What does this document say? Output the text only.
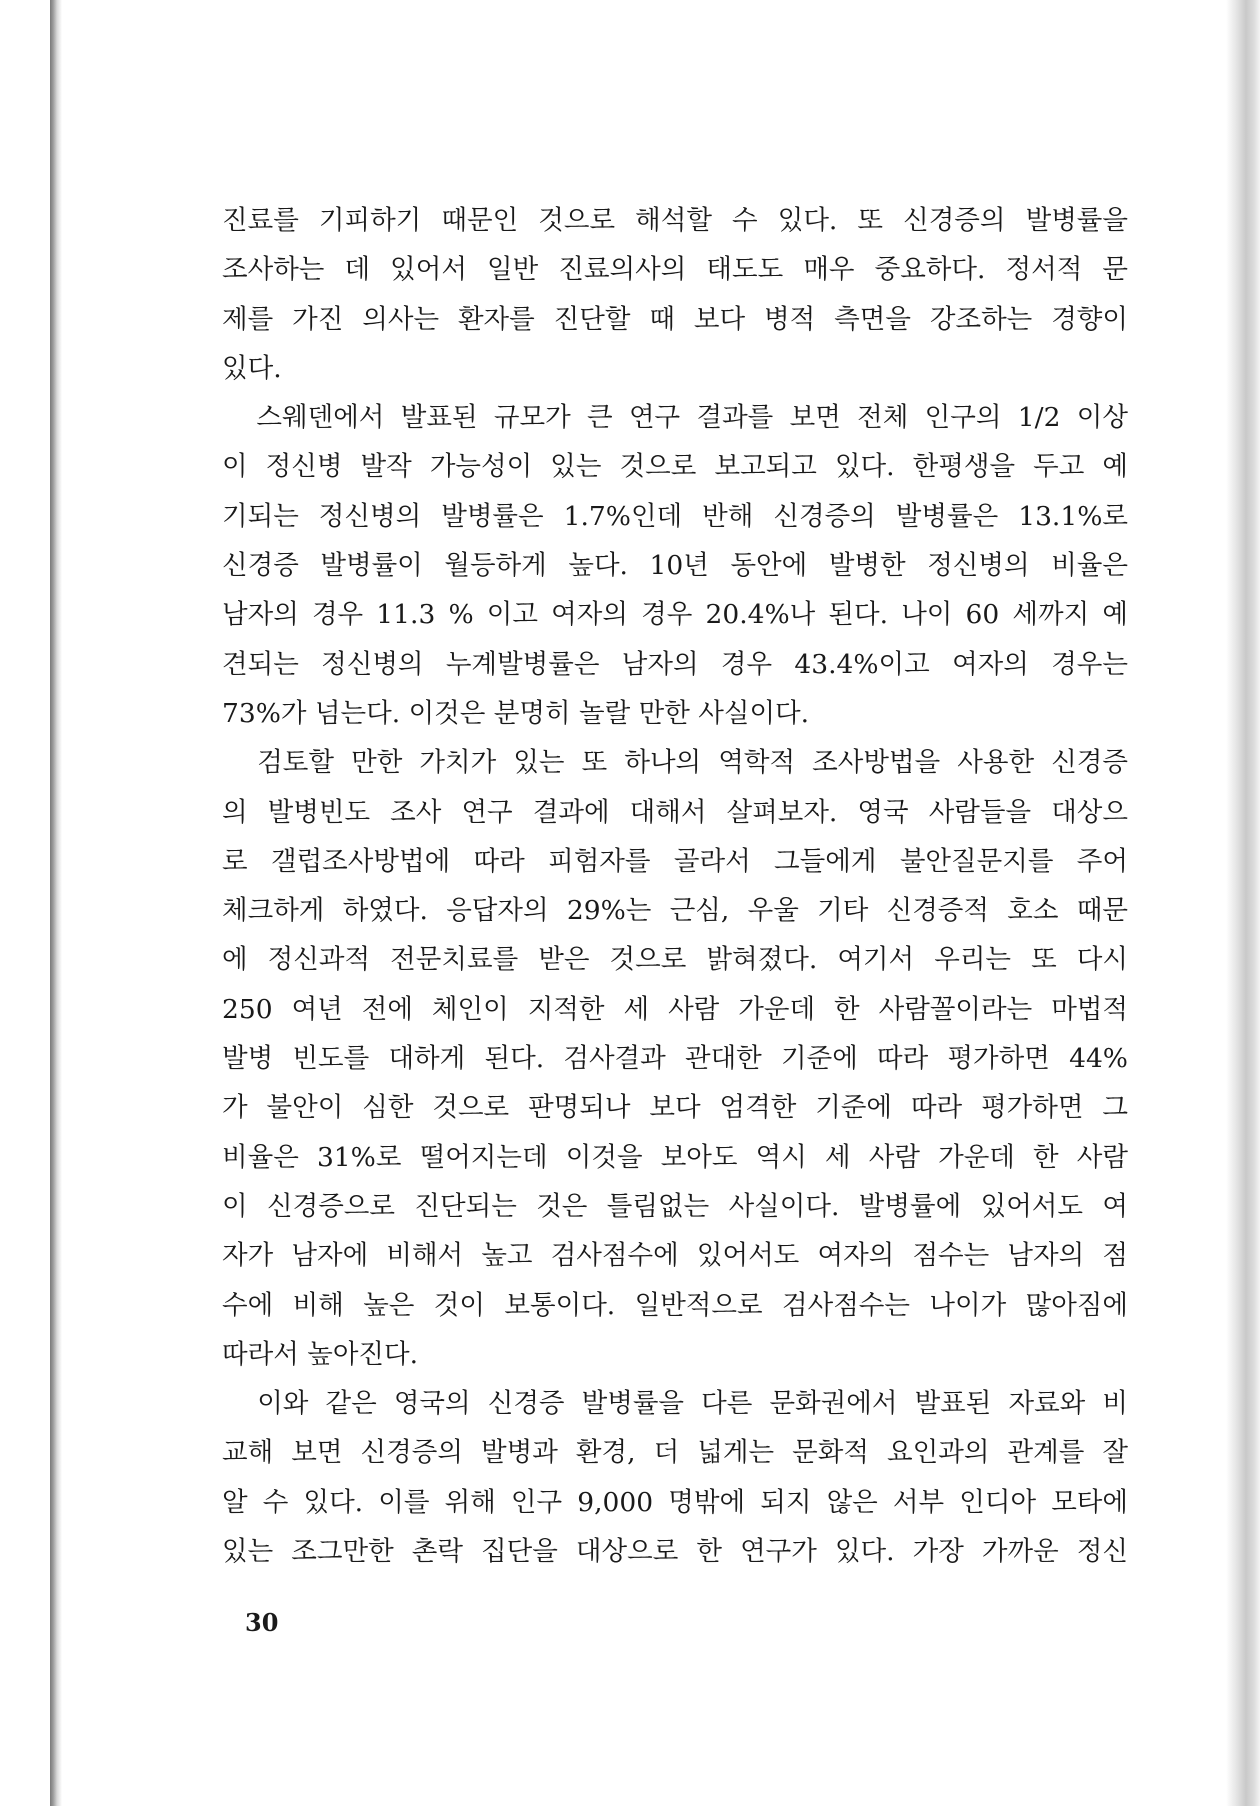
진료를 기피하기 때문인 것으로 해석할 수 있다. 또 신경증의 발병률을
조사하는 데 있어서 일반 진료의사의 태도도 매우 중요하다. 정서적 문
제를 가진 의사는 환자를 진단할 때 보다 병적 측면을 강조하는 경향이
있다.
　스웨덴에서 발표된 규모가 큰 연구 결과를 보면 전체 인구의 1/2 이상
이 정신병 발작 가능성이 있는 것으로 보고되고 있다. 한평생을 두고 예
기되는 정신병의 발병률은 1.7%인데 반해 신경증의 발병률은 13.1%로
신경증 발병률이 월등하게 높다. 10년 동안에 발병한 정신병의 비율은
남자의 경우 11.3 % 이고 여자의 경우 20.4%나 된다. 나이 60 세까지 예
견되는 정신병의 누계발병률은 남자의 경우 43.4%이고 여자의 경우는
73%가 넘는다. 이것은 분명히 놀랄 만한 사실이다.
　검토할 만한 가치가 있는 또 하나의 역학적 조사방법을 사용한 신경증
의 발병빈도 조사 연구 결과에 대해서 살펴보자. 영국 사람들을 대상으
로 갤럽조사방법에 따라 피험자를 골라서 그들에게 불안질문지를 주어
체크하게 하였다. 응답자의 29%는 근심, 우울 기타 신경증적 호소 때문
에 정신과적 전문치료를 받은 것으로 밝혀졌다. 여기서 우리는 또 다시
250 여년 전에 체인이 지적한 세 사람 가운데 한 사람꼴이라는 마법적
발병 빈도를 대하게 된다. 검사결과 관대한 기준에 따라 평가하면 44%
가 불안이 심한 것으로 판명되나 보다 엄격한 기준에 따라 평가하면 그
비율은 31%로 떨어지는데 이것을 보아도 역시 세 사람 가운데 한 사람
이 신경증으로 진단되는 것은 틀림없는 사실이다. 발병률에 있어서도 여
자가 남자에 비해서 높고 검사점수에 있어서도 여자의 점수는 남자의 점
수에 비해 높은 것이 보통이다. 일반적으로 검사점수는 나이가 많아짐에
따라서 높아진다.
　이와 같은 영국의 신경증 발병률을 다른 문화권에서 발표된 자료와 비
교해 보면 신경증의 발병과 환경, 더 넓게는 문화적 요인과의 관계를 잘
알 수 있다. 이를 위해 인구 9,000 명밖에 되지 않은 서부 인디아 모타에
있는 조그만한 촌락 집단을 대상으로 한 연구가 있다. 가장 가까운 정신
30
